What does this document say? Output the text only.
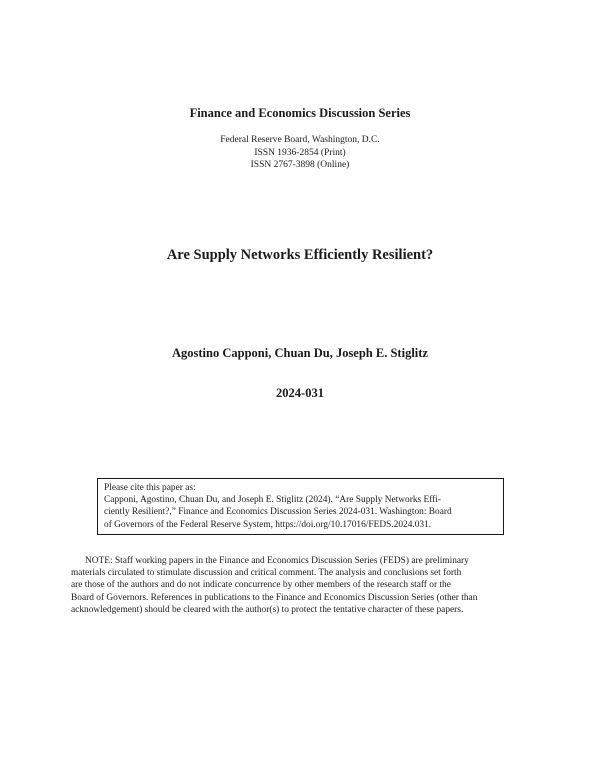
Finance and Economics Discussion Series
Federal Reserve Board, Washington, D.C.
ISSN 1936-2854 (Print)
ISSN 2767-3898 (Online)
Are Supply Networks Efficiently Resilient?
Agostino Capponi, Chuan Du, Joseph E. Stiglitz
2024-031
Please cite this paper as:
Capponi, Agostino, Chuan Du, and Joseph E. Stiglitz (2024). “Are Supply Networks Effi-
ciently Resilient?,” Finance and Economics Discussion Series 2024-031. Washington: Board
of Governors of the Federal Reserve System, https://doi.org/10.17016/FEDS.2024.031.
NOTE: Staff working papers in the Finance and Economics Discussion Series (FEDS) are preliminary
materials circulated to stimulate discussion and critical comment. The analysis and conclusions set forth
are those of the authors and do not indicate concurrence by other members of the research staff or the
Board of Governors. References in publications to the Finance and Economics Discussion Series (other than
acknowledgement) should be cleared with the author(s) to protect the tentative character of these papers.
